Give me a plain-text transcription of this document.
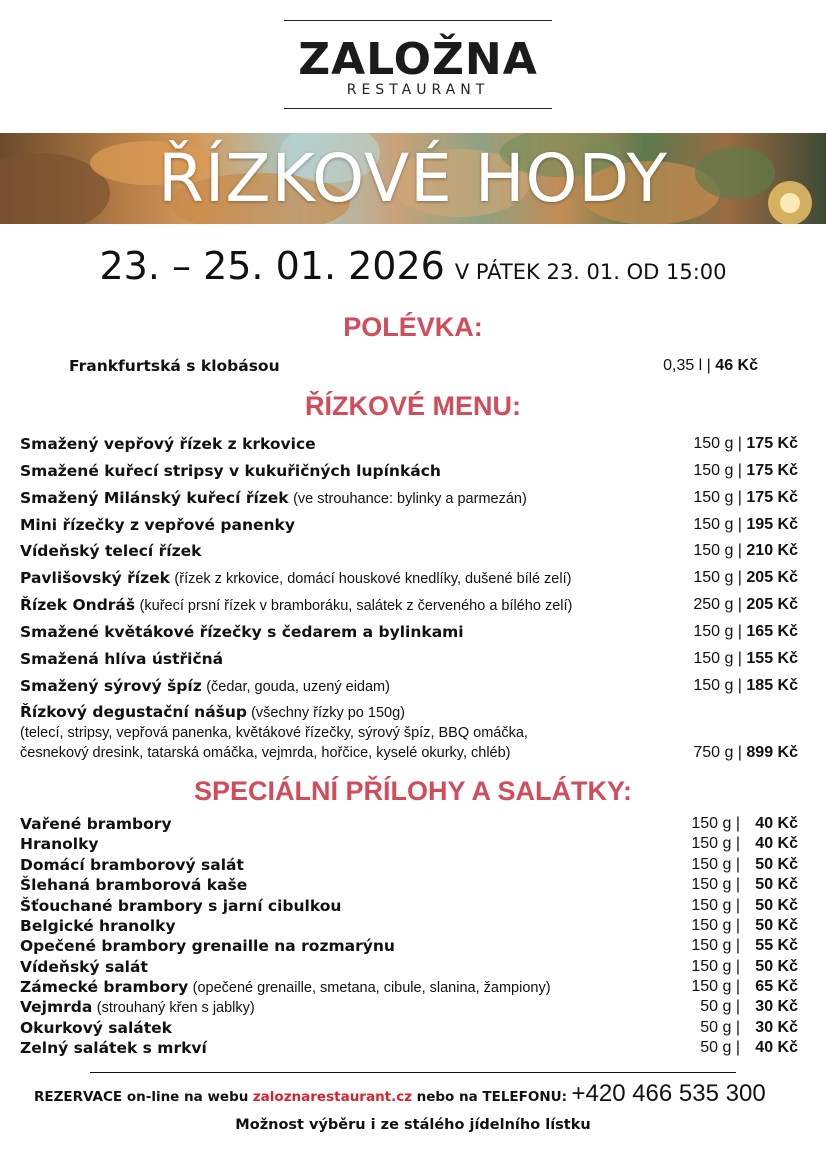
ZALOŽNA
RESTAURANT
ŘÍZKOVÉ HODY
23. – 25. 01. 2026 V PÁTEK 23. 01. OD 15:00
POLÉVKA:
Frankfurtská s klobásou	0,35 l | 46 Kč
ŘÍZKOVÉ MENU:
Smažený vepřový řízek z krkovice	150 g | 175 Kč
Smažené kuřecí stripsy v kukuřičných lupínkách	150 g | 175 Kč
Smažený Milánský kuřecí řízek (ve strouhance: bylinky a parmezán)	150 g | 175 Kč
Mini řízečky z vepřové panenky	150 g | 195 Kč
Vídeňský telecí řízek	150 g | 210 Kč
Pavlišovský řízek (řízek z krkovice, domácí houskové knedlíky, dušené bílé zelí)	150 g | 205 Kč
Řízek Ondráš (kuřecí prsní řízek v bramboráku, salátek z červeného a bílého zelí)	250 g | 205 Kč
Smažené květákové řízečky s čedarem a bylinkami	150 g | 165 Kč
Smažená hlíva ústřičná	150 g | 155 Kč
Smažený sýrový špíz (čedar, gouda, uzený eidam)	150 g | 185 Kč
Řízkový degustační nášup (všechny řízky po 150g)
(telecí, stripsy, vepřová panenka, květákové řízečky, sýrový špíz, BBQ omáčka,
česnekový dresink, tatarská omáčka, vejmrda, hořčice, kyselé okurky, chléb)	750 g | 899 Kč
SPECIÁLNÍ PŘÍLOHY A SALÁTKY:
Vařené brambory	150 g | 40 Kč
Hranolky	150 g | 40 Kč
Domácí bramborový salát	150 g | 50 Kč
Šlehaná bramborová kaše	150 g | 50 Kč
Šťouchané brambory s jarní cibulkou	150 g | 50 Kč
Belgické hranolky	150 g | 50 Kč
Opečené brambory grenaille na rozmarýnu	150 g | 55 Kč
Vídeňský salát	150 g | 50 Kč
Zámecké brambory (opečené grenaille, smetana, cibule, slanina, žampiony)	150 g | 65 Kč
Vejmrda (strouhaný křen s jablky)	50 g | 30 Kč
Okurkový salátek	50 g | 30 Kč
Zelný salátek s mrkví	50 g | 40 Kč
REZERVACE on-line na webu zaloznarestaurant.cz nebo na TELEFONU: +420 466 535 300
Možnost výběru i ze stálého jídelního lístku
